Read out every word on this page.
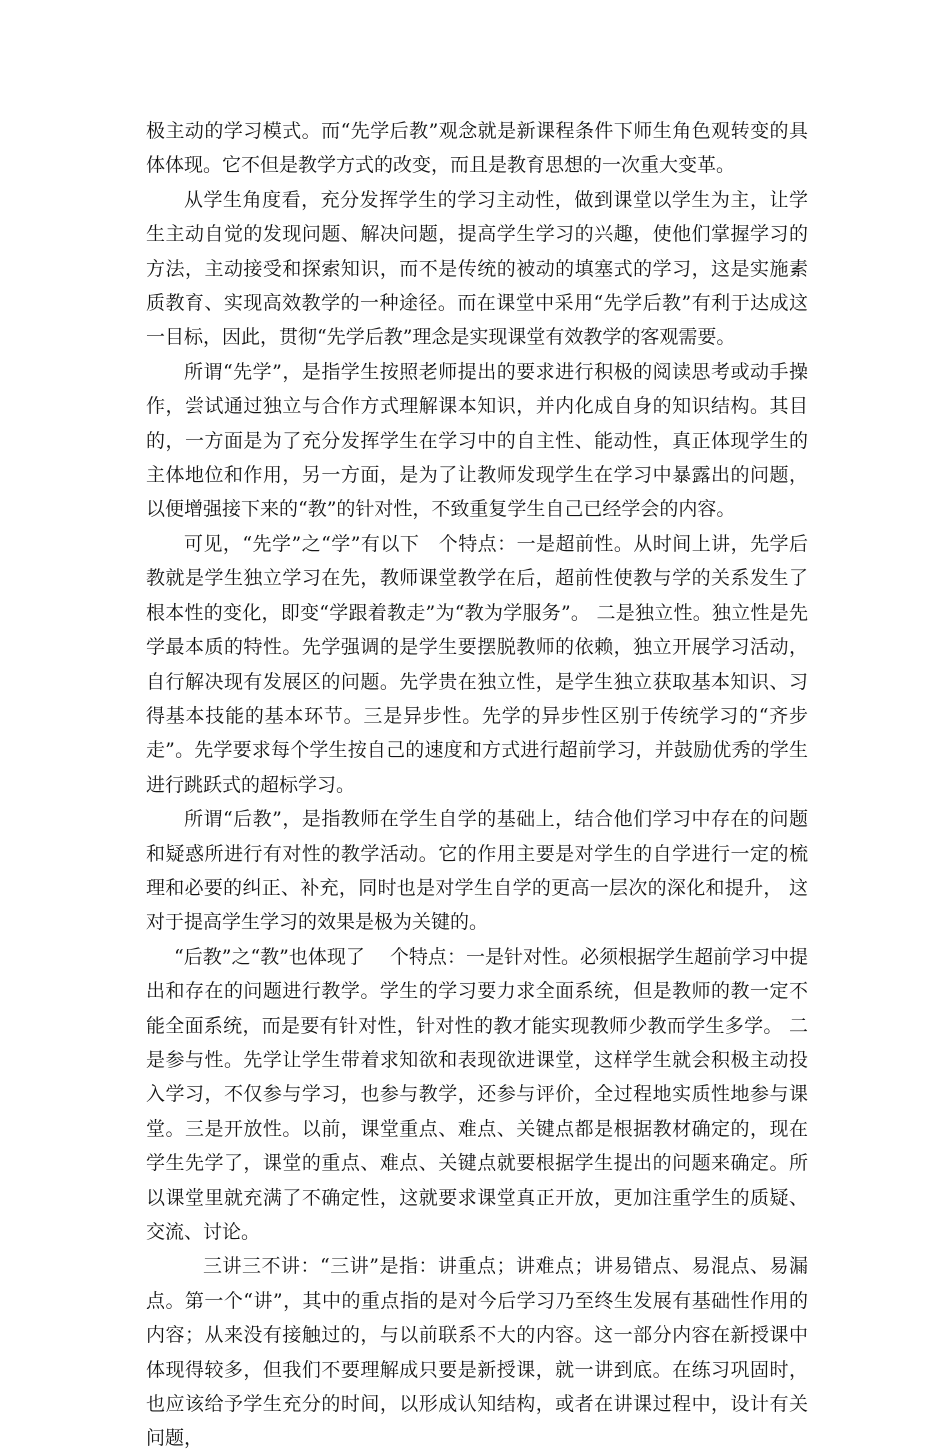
极主动的学习模式。而“先学后教”观念就是新课程条件下师生角色观转变的具体体现。它不但是教学方式的改变，而且是教育思想的一次重大变革。

从学生角度看，充分发挥学生的学习主动性，做到课堂以学生为主，让学生主动自觉的发现问题、解决问题，提高学生学习的兴趣，使他们掌握学习的方法，主动接受和探索知识，而不是传统的被动的填塞式的学习，这是实施素质教育、实现高效教学的一种途径。而在课堂中采用“先学后教”有利于达成这一目标，因此，贯彻“先学后教”理念是实现课堂有效教学的客观需要。

所谓“先学”，是指学生按照老师提出的要求进行积极的阅读思考或动手操作，尝试通过独立与合作方式理解课本知识，并内化成自身的知识结构。其目的，一方面是为了充分发挥学生在学习中的自主性、能动性，真正体现学生的主体地位和作用，另一方面，是为了让教师发现学生在学习中暴露出的问题，以便增强接下来的“教”的针对性，不致重复学生自己已经学会的内容。

可见，“先学”之“学”有以下　个特点：一是超前性。从时间上讲，先学后教就是学生独立学习在先，教师课堂教学在后，超前性使教与学的关系发生了根本性的变化，即变“学跟着教走”为“教为学服务”。 二是独立性。独立性是先学最本质的特性。先学强调的是学生要摆脱教师的依赖，独立开展学习活动，自行解决现有发展区的问题。先学贵在独立性，是学生独立获取基本知识、习得基本技能的基本环节。三是异步性。先学的异步性区别于传统学习的“齐步走”。先学要求每个学生按自己的速度和方式进行超前学习，并鼓励优秀的学生进行跳跃式的超标学习。

所谓“后教”，是指教师在学生自学的基础上，结合他们学习中存在的问题和疑惑所进行有对性的教学活动。它的作用主要是对学生的自学进行一定的梳理和必要的纠正、补充，同时也是对学生自学的更高一层次的深化和提升， 这对于提高学生学习的效果是极为关键的。

“后教”之“教”也体现了　 个特点：一是针对性。必须根据学生超前学习中提出和存在的问题进行教学。学生的学习要力求全面系统，但是教师的教一定不能全面系统，而是要有针对性，针对性的教才能实现教师少教而学生多学。 二是参与性。先学让学生带着求知欲和表现欲进课堂，这样学生就会积极主动投入学习，不仅参与学习，也参与教学，还参与评价，全过程地实质性地参与课堂。三是开放性。以前，课堂重点、难点、关键点都是根据教材确定的，现在学生先学了，课堂的重点、难点、关键点就要根据学生提出的问题来确定。所以课堂里就充满了不确定性，这就要求课堂真正开放，更加注重学生的质疑、交流、讨论。

三讲三不讲：“三讲”是指：讲重点；讲难点；讲易错点、易混点、易漏点。第一个“讲”，其中的重点指的是对今后学习乃至终生发展有基础性作用的内容；从来没有接触过的，与以前联系不大的内容。这一部分内容在新授课中体现得较多，但我们不要理解成只要是新授课，就一讲到底。在练习巩固时，也应该给予学生充分的时间，以形成认知结构，或者在讲课过程中，设计有关问题，
